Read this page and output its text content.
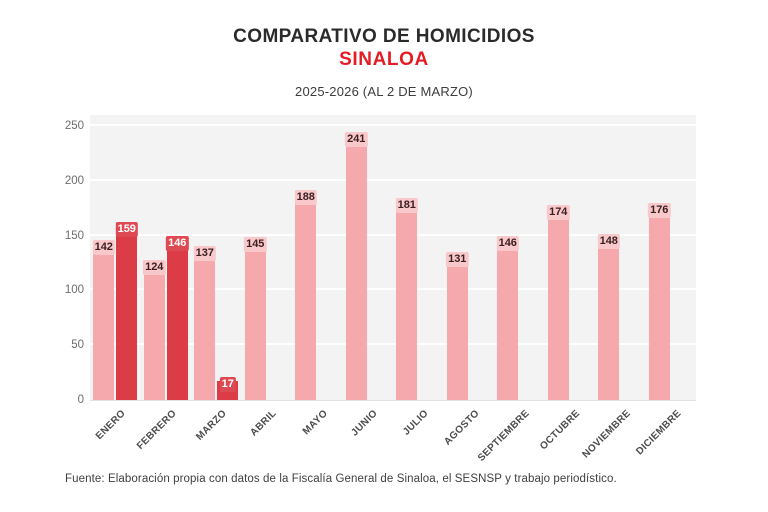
COMPARATIVO DE HOMICIDIOS
SINALOA
2025-2026 (AL 2 DE MARZO)
0
50
100
150
200
250
142
159
124
146
137
17
145
188
241
181
131
146
174
148
176
ENERO FEBRERO MARZO ABRIL MAYO JUNIO JULIO AGOSTO
SEPTIEMBRE OCTUBRE
NOVIEMBRE DICIEMBRE
Fuente: Elaboración propia con datos de la Fiscalía General de Sinaloa, el SESNSP y trabajo periodístico.
